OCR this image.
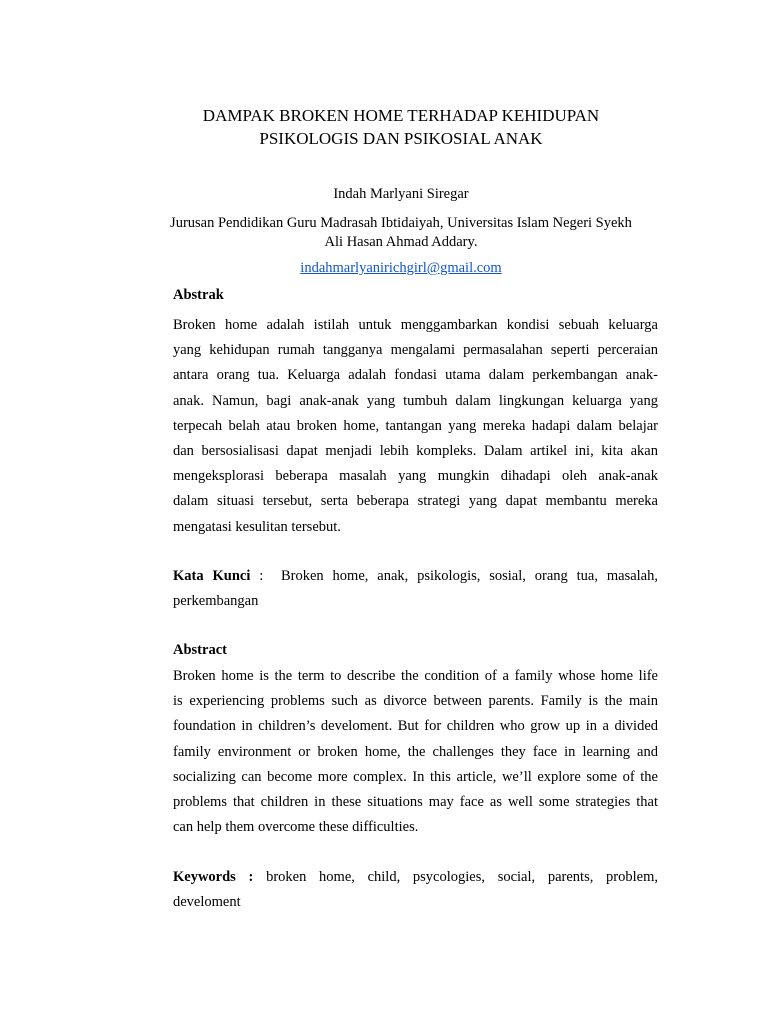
DAMPAK BROKEN HOME TERHADAP KEHIDUPAN
PSIKOLOGIS DAN PSIKOSIAL ANAK
Indah Marlyani Siregar
Jurusan Pendidikan Guru Madrasah Ibtidaiyah, Universitas Islam Negeri Syekh
Ali Hasan Ahmad Addary.
indahmarlyanirichgirl@gmail.com
Abstrak
Broken home adalah istilah untuk menggambarkan kondisi sebuah keluarga
yang kehidupan rumah tangganya mengalami permasalahan seperti perceraian
antara orang tua. Keluarga adalah fondasi utama dalam perkembangan anak-
anak. Namun, bagi anak-anak yang tumbuh dalam lingkungan keluarga yang
terpecah belah atau broken home, tantangan yang mereka hadapi dalam belajar
dan bersosialisasi dapat menjadi lebih kompleks. Dalam artikel ini, kita akan
mengeksplorasi beberapa masalah yang mungkin dihadapi oleh anak-anak
dalam situasi tersebut, serta beberapa strategi yang dapat membantu mereka
mengatasi kesulitan tersebut.
Kata Kunci :  Broken home, anak, psikologis, sosial, orang tua, masalah,
perkembangan
Abstract
Broken home is the term to describe the condition of a family whose home life
is experiencing problems such as divorce between parents. Family is the main
foundation in children’s develoment. But for children who grow up in a divided
family environment or broken home, the challenges they face in learning and
socializing can become more complex. In this article, we’ll explore some of the
problems that children in these situations may face as well some strategies that
can help them overcome these difficulties.
Keywords : broken home, child, psycologies, social, parents, problem,
develoment
